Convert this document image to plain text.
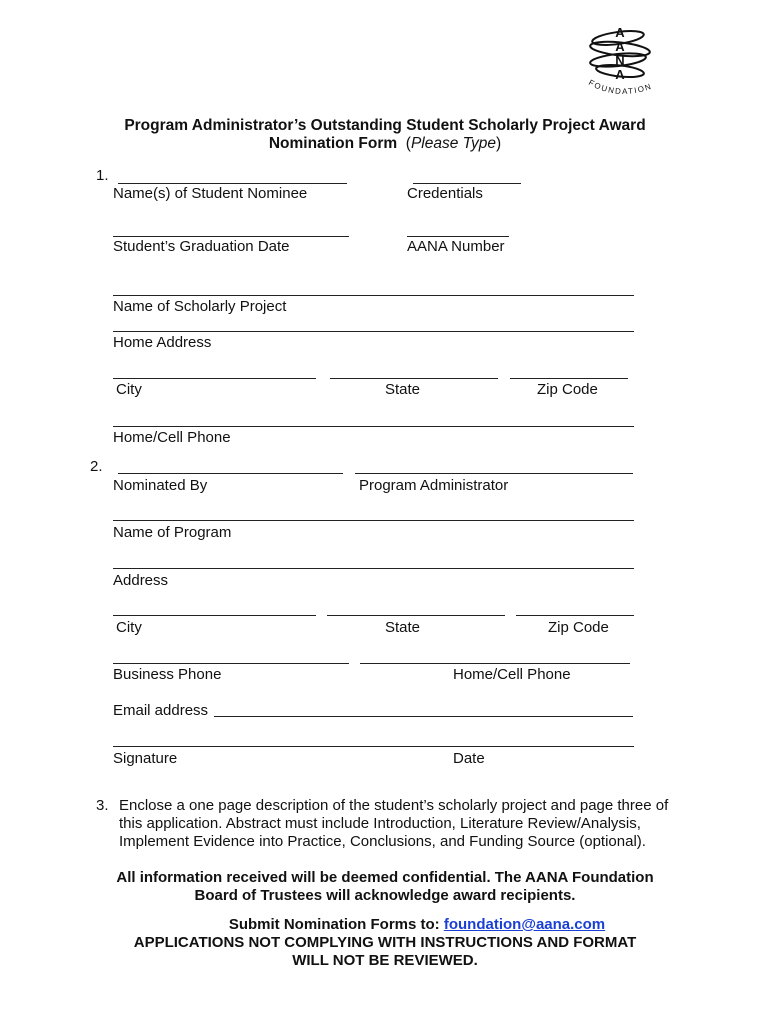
A
A
N
A
FOUNDATION
Program Administrator’s Outstanding Student Scholarly Project Award
Nomination Form (Please Type)
1.
Name(s) of Student Nominee	Credentials
Student’s Graduation Date	AANA Number
Name of Scholarly Project
Home Address
City	State	Zip Code
Home/Cell Phone
2.
Nominated By	Program Administrator
Name of Program
Address
City	State	Zip Code
Business Phone	Home/Cell Phone
Email address
Signature	Date
3. Enclose a one page description of the student’s scholarly project and page three of this application. Abstract must include Introduction, Literature Review/Analysis, Implement Evidence into Practice, Conclusions, and Funding Source (optional).
All information received will be deemed confidential. The AANA Foundation
Board of Trustees will acknowledge award recipients.
Submit Nomination Forms to: foundation@aana.com
APPLICATIONS NOT COMPLYING WITH INSTRUCTIONS AND FORMAT
WILL NOT BE REVIEWED.
